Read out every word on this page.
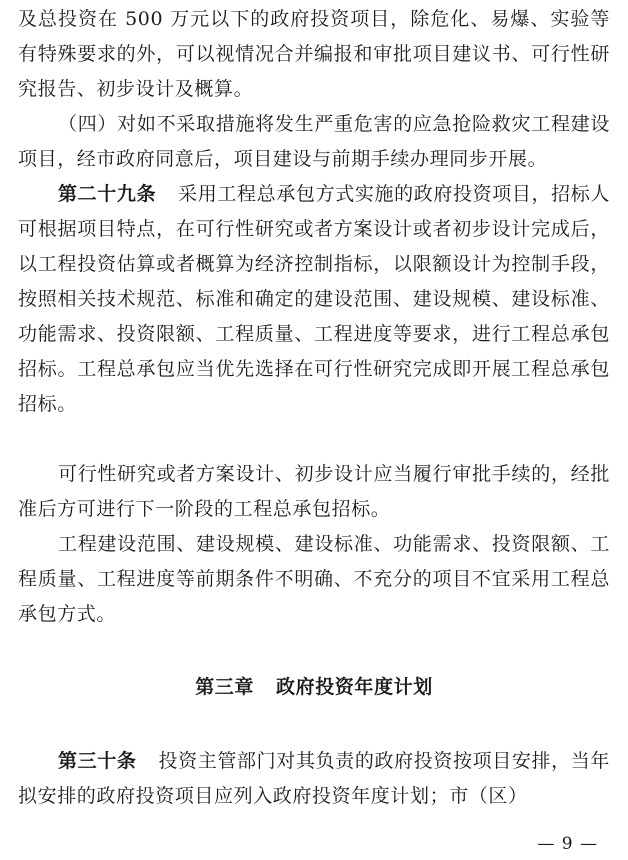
及总投资在 500 万元以下的政府投资项目，除危化、易爆、实验等有特殊要求的外，可以视情况合并编报和审批项目建议书、可行性研究报告、初步设计及概算。

（四）对如不采取措施将发生严重危害的应急抢险救灾工程建设项目，经市政府同意后，项目建设与前期手续办理同步开展。

第二十九条 采用工程总承包方式实施的政府投资项目，招标人可根据项目特点，在可行性研究或者方案设计或者初步设计完成后，以工程投资估算或者概算为经济控制指标，以限额设计为控制手段，按照相关技术规范、标准和确定的建设范围、建设规模、建设标准、功能需求、投资限额、工程质量、工程进度等要求，进行工程总承包招标。工程总承包应当优先选择在可行性研究完成即开展工程总承包招标。

可行性研究或者方案设计、初步设计应当履行审批手续的，经批准后方可进行下一阶段的工程总承包招标。

工程建设范围、建设规模、建设标准、功能需求、投资限额、工程质量、工程进度等前期条件不明确、不充分的项目不宜采用工程总承包方式。

第三章 政府投资年度计划

第三十条 投资主管部门对其负责的政府投资按项目安排，当年拟安排的政府投资项目应列入政府投资年度计划；市（区）

— 9 —
